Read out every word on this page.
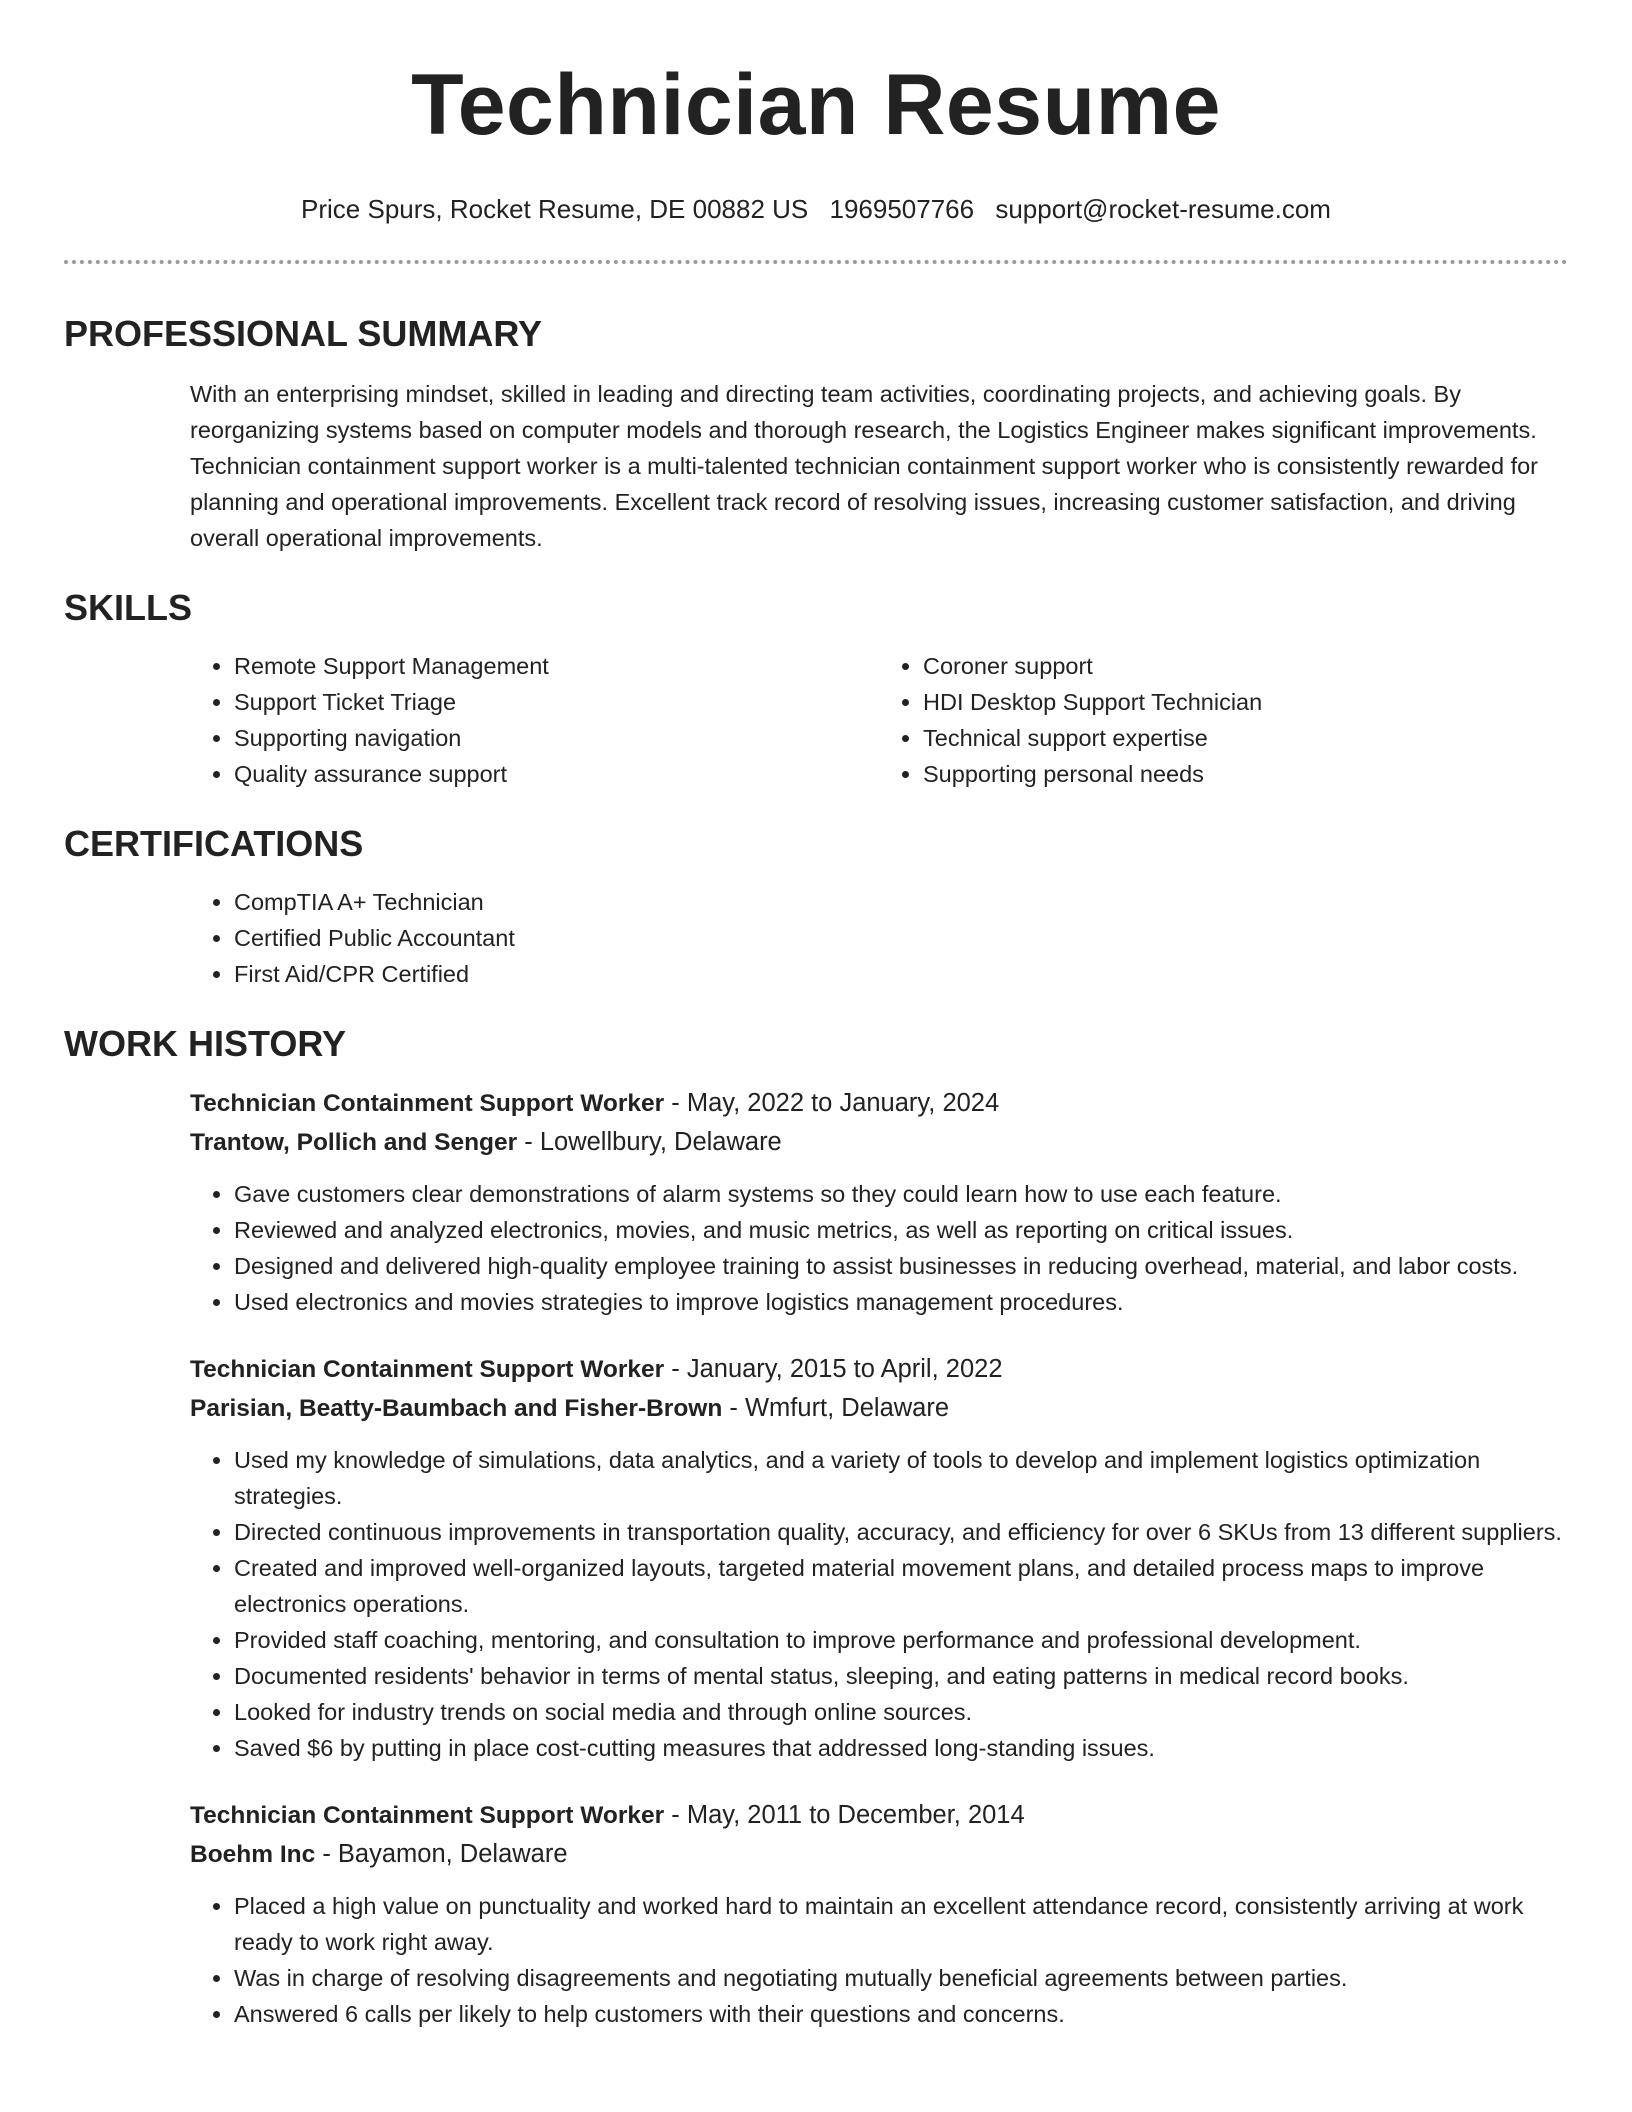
Technician Resume
Price Spurs, Rocket Resume, DE 00882 US 1969507766 support@rocket-resume.com
PROFESSIONAL SUMMARY
With an enterprising mindset, skilled in leading and directing team activities, coordinating projects, and achieving goals. By reorganizing systems based on computer models and thorough research, the Logistics Engineer makes significant improvements. Technician containment support worker is a multi-talented technician containment support worker who is consistently rewarded for planning and operational improvements. Excellent track record of resolving issues, increasing customer satisfaction, and driving overall operational improvements.
SKILLS
• Remote Support Management
• Support Ticket Triage
• Supporting navigation
• Quality assurance support
• Coroner support
• HDI Desktop Support Technician
• Technical support expertise
• Supporting personal needs
CERTIFICATIONS
• CompTIA A+ Technician
• Certified Public Accountant
• First Aid/CPR Certified
WORK HISTORY
Technician Containment Support Worker - May, 2022 to January, 2024
Trantow, Pollich and Senger - Lowellbury, Delaware
• Gave customers clear demonstrations of alarm systems so they could learn how to use each feature.
• Reviewed and analyzed electronics, movies, and music metrics, as well as reporting on critical issues.
• Designed and delivered high-quality employee training to assist businesses in reducing overhead, material, and labor costs.
• Used electronics and movies strategies to improve logistics management procedures.
Technician Containment Support Worker - January, 2015 to April, 2022
Parisian, Beatty-Baumbach and Fisher-Brown - Wmfurt, Delaware
• Used my knowledge of simulations, data analytics, and a variety of tools to develop and implement logistics optimization strategies.
• Directed continuous improvements in transportation quality, accuracy, and efficiency for over 6 SKUs from 13 different suppliers.
• Created and improved well-organized layouts, targeted material movement plans, and detailed process maps to improve electronics operations.
• Provided staff coaching, mentoring, and consultation to improve performance and professional development.
• Documented residents' behavior in terms of mental status, sleeping, and eating patterns in medical record books.
• Looked for industry trends on social media and through online sources.
• Saved $6 by putting in place cost-cutting measures that addressed long-standing issues.
Technician Containment Support Worker - May, 2011 to December, 2014
Boehm Inc - Bayamon, Delaware
• Placed a high value on punctuality and worked hard to maintain an excellent attendance record, consistently arriving at work ready to work right away.
• Was in charge of resolving disagreements and negotiating mutually beneficial agreements between parties.
• Answered 6 calls per likely to help customers with their questions and concerns.
